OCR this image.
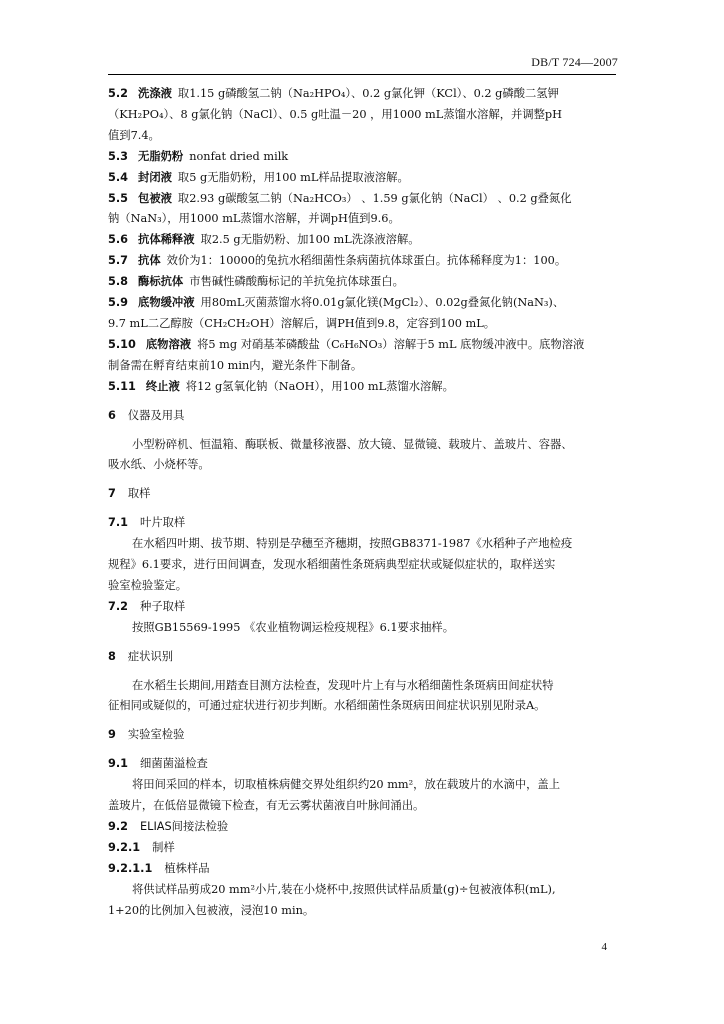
DB/T 724—2007
5.2 洗涤液 取1.15 g磷酸氢二钠（Na₂HPO₄）、0.2 g氯化钾（KCl）、0.2 g磷酸二氢钾
（KH₂PO₄）、8 g氯化钠（NaCl）、0.5 g吐温－20 ，用1000 mL蒸馏水溶解，并调整pH
值到7.4。
5.3 无脂奶粉 nonfat dried milk
5.4 封闭液 取5 g无脂奶粉，用100 mL样品提取液溶解。
5.5 包被液 取2.93 g碳酸氢二钠（Na₂HCO₃） 、1.59 g氯化钠（NaCl） 、0.2 g叠氮化
钠（NaN₃），用1000 mL蒸馏水溶解，并调pH值到9.6。
5.6 抗体稀释液 取2.5 g无脂奶粉、加100 mL洗涤液溶解。
5.7 抗体 效价为1：10000的兔抗水稻细菌性条病菌抗体球蛋白。抗体稀释度为1：100。
5.8 酶标抗体 市售碱性磷酸酶标记的羊抗兔抗体球蛋白。
5.9 底物缓冲液 用80mL灭菌蒸馏水将0.01g氯化镁(MgCl₂）、0.02g叠氮化钠(NaN₃)、
9.7 mL二乙醇胺（CH₂CH₂OH）溶解后，调PH值到9.8，定容到100 mL。
5.10 底物溶液 将5 mg 对硝基苯磷酸盐（C₆H₆NO₃）溶解于5 mL 底物缓冲液中。底物溶液
制备需在孵育结束前10 min内，避光条件下制备。
5.11 终止液 将12 g氢氧化钠（NaOH），用100 mL蒸馏水溶解。
6 仪器及用具
小型粉碎机、恒温箱、酶联板、微量移液器、放大镜、显微镜、载玻片、盖玻片、容器、
吸水纸、小烧杯等。
7 取样
7.1 叶片取样
在水稻四叶期、拔节期、特别是孕穗至齐穗期，按照GB8371-1987《水稻种子产地检疫
规程》6.1要求，进行田间调查，发现水稻细菌性条斑病典型症状或疑似症状的，取样送实
验室检验鉴定。
7.2 种子取样
按照GB15569-1995 《农业植物调运检疫规程》6.1要求抽样。
8 症状识别
在水稻生长期间,用踏查目测方法检查，发现叶片上有与水稻细菌性条斑病田间症状特
征相同或疑似的，可通过症状进行初步判断。水稻细菌性条斑病田间症状识别见附录A。
9 实验室检验
9.1 细菌菌溢检查
将田间采回的样本，切取植株病健交界处组织约20 mm²，放在载玻片的水滴中，盖上
盖玻片，在低倍显微镜下检查，有无云雾状菌液自叶脉间涌出。
9.2 ELIAS间接法检验
9.2.1 制样
9.2.1.1 植株样品
将供试样品剪成20 mm²小片,装在小烧杯中,按照供试样品质量(g)÷包被液体积(mL),
1+20的比例加入包被液，浸泡10 min。
4
